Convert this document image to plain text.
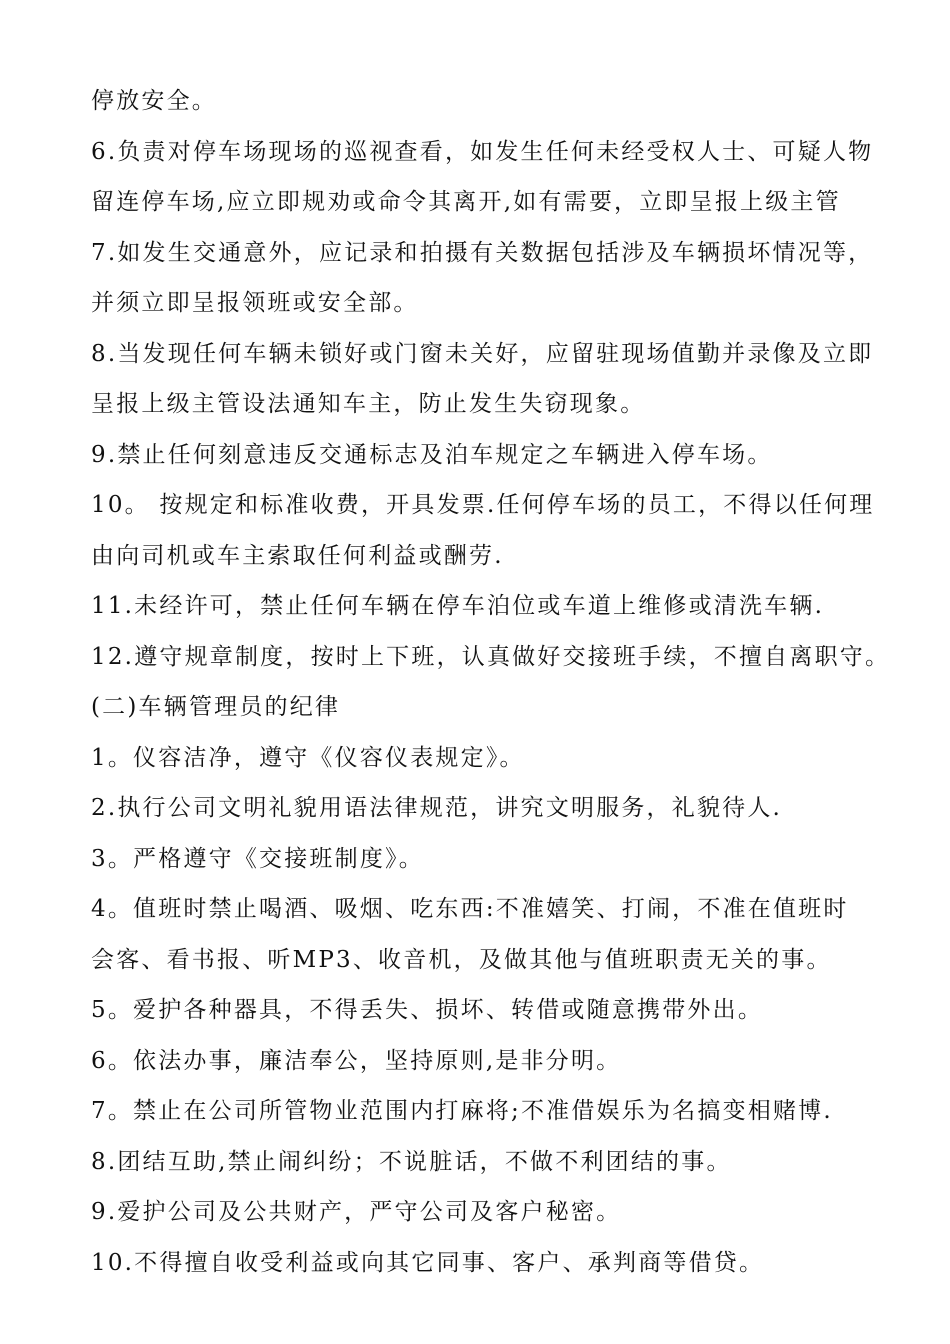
停放安全。
6.负责对停车场现场的巡视查看，如发生任何未经受权人士、可疑人物
留连停车场,应立即规劝或命令其离开,如有需要，立即呈报上级主管
7.如发生交通意外，应记录和拍摄有关数据包括涉及车辆损坏情况等，
并须立即呈报领班或安全部。
8.当发现任何车辆未锁好或门窗未关好，应留驻现场值勤并录像及立即
呈报上级主管设法通知车主，防止发生失窃现象。
9.禁止任何刻意违反交通标志及泊车规定之车辆进入停车场。
10。 按规定和标准收费，开具发票.任何停车场的员工，不得以任何理
由向司机或车主索取任何利益或酬劳.
11.未经许可，禁止任何车辆在停车泊位或车道上维修或清洗车辆.
12.遵守规章制度，按时上下班，认真做好交接班手续，不擅自离职守。
(二)车辆管理员的纪律
1。仪容洁净，遵守《仪容仪表规定》。
2.执行公司文明礼貌用语法律规范，讲究文明服务，礼貌待人.
3。严格遵守《交接班制度》。
4。值班时禁止喝酒、吸烟、吃东西:不准嬉笑、打闹，不准在值班时
会客、看书报、听MP3、收音机，及做其他与值班职责无关的事。
5。爱护各种器具，不得丢失、损坏、转借或随意携带外出。
6。依法办事，廉洁奉公，坚持原则,是非分明。
7。禁止在公司所管物业范围内打麻将;不准借娱乐为名搞变相赌博.
8.团结互助,禁止闹纠纷；不说脏话，不做不利团结的事。
9.爱护公司及公共财产，严守公司及客户秘密。
10.不得擅自收受利益或向其它同事、客户、承判商等借贷。
